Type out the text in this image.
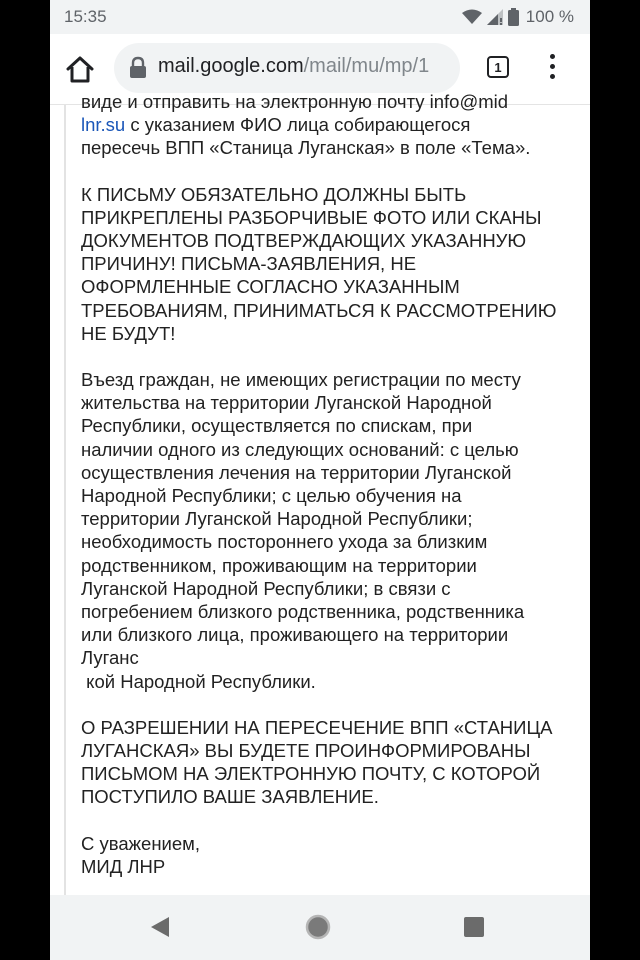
15:35	100 %
mail.google.com/mail/mu/mp/1	1

виде и отправить на электронную почту info@mid
lnr.su с указанием ФИО лица собирающегося
пересечь ВПП «Станица Луганская» в поле «Тема».

К ПИСЬМУ ОБЯЗАТЕЛЬНО ДОЛЖНЫ БЫТЬ
ПРИКРЕПЛЕНЫ РАЗБОРЧИВЫЕ ФОТО ИЛИ СКАНЫ
ДОКУМЕНТОВ ПОДТВЕРЖДАЮЩИХ УКАЗАННУЮ
ПРИЧИНУ! ПИСЬМА-ЗАЯВЛЕНИЯ, НЕ
ОФОРМЛЕННЫЕ СОГЛАСНО УКАЗАННЫМ
ТРЕБОВАНИЯМ, ПРИНИМАТЬСЯ К РАССМОТРЕНИЮ
НЕ БУДУТ!

Въезд граждан, не имеющих регистрации по месту
жительства на территории Луганской Народной
Республики, осуществляется по спискам, при
наличии одного из следующих оснований: с целью
осуществления лечения на территории Луганской
Народной Республики; с целью обучения на
территории Луганской Народной Республики;
необходимость постороннего ухода за близким
родственником, проживающим на территории
Луганской Народной Республики; в связи с
погребением близкого родственника, родственника
или близкого лица, проживающего на территории
Луганс
кой Народной Республики.

О РАЗРЕШЕНИИ НА ПЕРЕСЕЧЕНИЕ ВПП «СТАНИЦА
ЛУГАНСКАЯ» ВЫ БУДЕТЕ ПРОИНФОРМИРОВАНЫ
ПИСЬМОМ НА ЭЛЕКТРОННУЮ ПОЧТУ, С КОТОРОЙ
ПОСТУПИЛО ВАШЕ ЗАЯВЛЕНИЕ.

С уважением,
МИД ЛНР
